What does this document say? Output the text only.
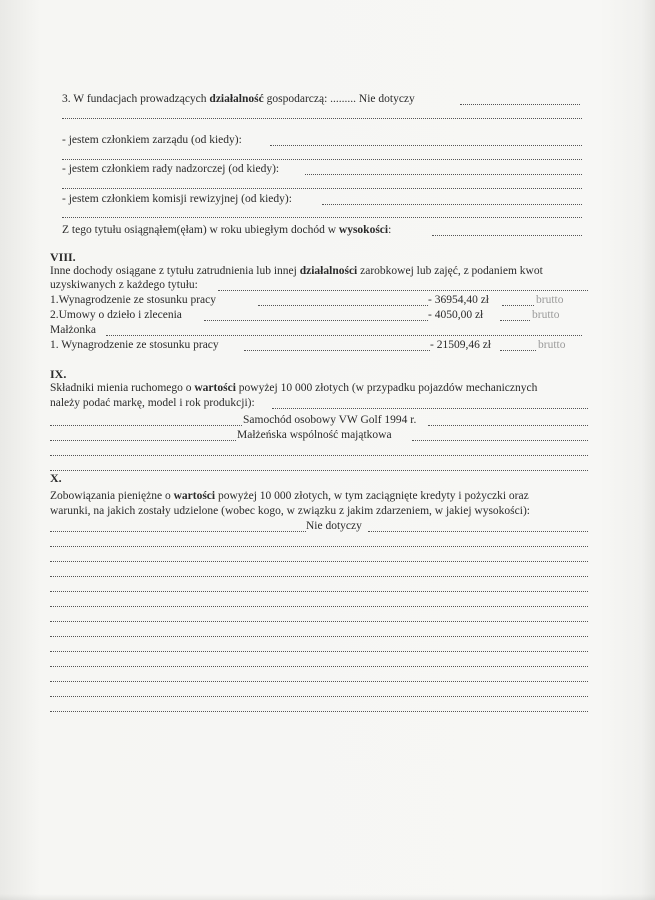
3. W fundacjach prowadzących działalność gospodarczą: ......... Nie dotyczy
- jestem członkiem zarządu (od kiedy):
- jestem członkiem rady nadzorczej (od kiedy):
- jestem członkiem komisji rewizyjnej (od kiedy):
Z tego tytułu osiągnąłem(ęłam) w roku ubiegłym dochód w wysokości:
VIII.
Inne dochody osiągane z tytułu zatrudnienia lub innej działalności zarobkowej lub zajęć, z podaniem kwot
uzyskiwanych z każdego tytułu:
1.Wynagrodzenie ze stosunku pracy	- 36954,40 zł	brutto
2.Umowy o dzieło i zlecenia	- 4050,00 zł	brutto
Małżonka
1. Wynagrodzenie ze stosunku pracy	- 21509,46 zł	brutto
IX.
Składniki mienia ruchomego o wartości powyżej 10 000 złotych (w przypadku pojazdów mechanicznych
należy podać markę, model i rok produkcji):
Samochód osobowy VW Golf 1994 r.
Małżeńska wspólność majątkowa
X.
Zobowiązania pieniężne o wartości powyżej 10 000 złotych, w tym zaciągnięte kredyty i pożyczki oraz
warunki, na jakich zostały udzielone (wobec kogo, w związku z jakim zdarzeniem, w jakiej wysokości):
Nie dotyczy
